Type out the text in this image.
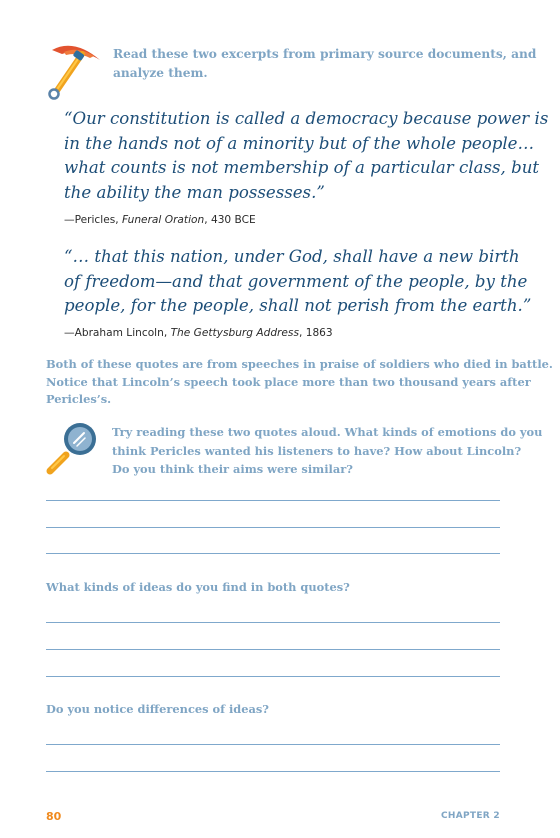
Read these two excerpts from primary source documents, and
analyze them.
“Our constitution is called a democracy because power is
in the hands not of a minority but of the whole people…
what counts is not membership of a particular class, but
the ability the man possesses.”
—Pericles, Funeral Oration, 430 BCE
“… that this nation, under God, shall have a new birth
of freedom—and that government of the people, by the
people, for the people, shall not perish from the earth.”
—Abraham Lincoln, The Gettysburg Address, 1863
Both of these quotes are from speeches in praise of soldiers who died in battle.
Notice that Lincoln’s speech took place more than two thousand years after
Pericles’s.
Try reading these two quotes aloud. What kinds of emotions do you
think Pericles wanted his listeners to have? How about Lincoln?
Do you think their aims were similar?
What kinds of ideas do you find in both quotes?
Do you notice differences of ideas?
80	CHAPTER 2
